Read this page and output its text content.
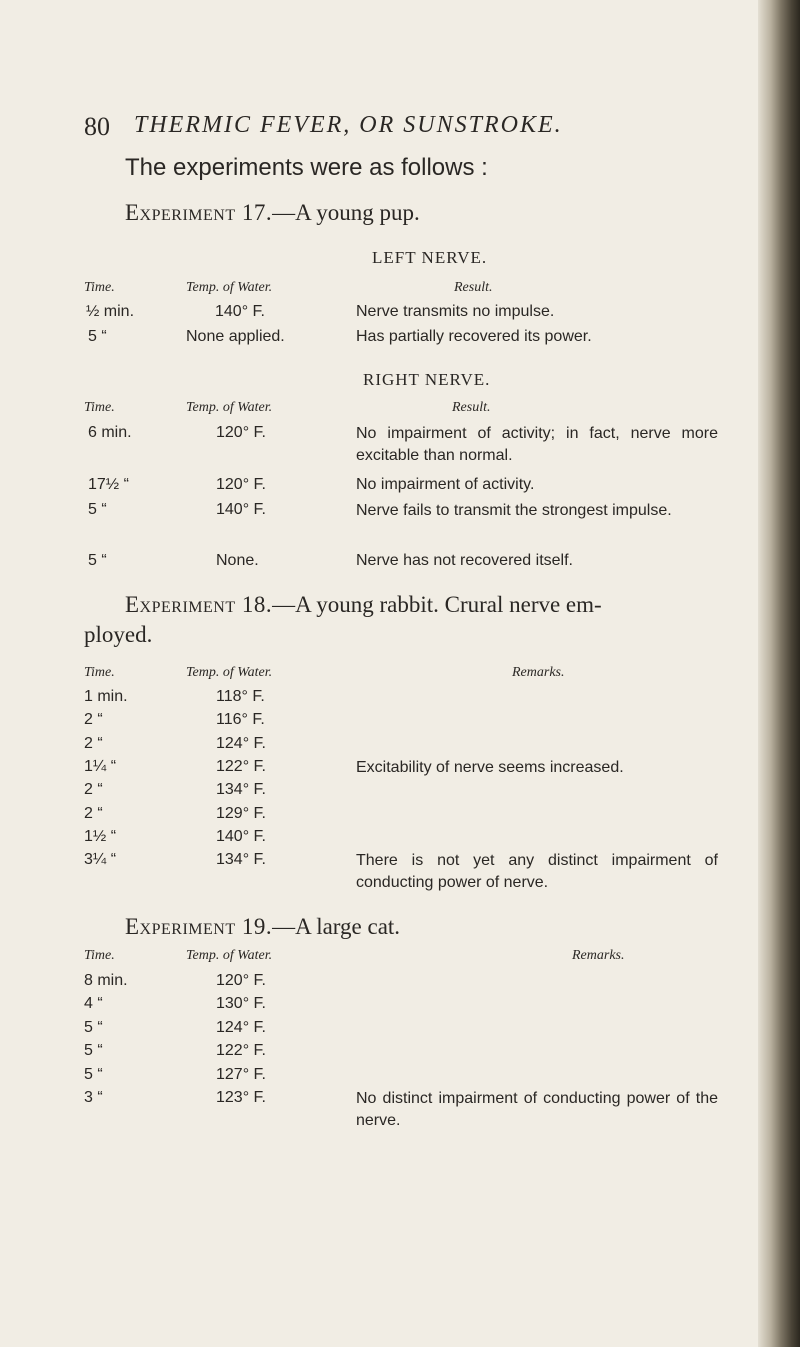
80 THERMIC FEVER, OR SUNSTROKE.
The experiments were as follows :
Experiment 17.—A young pup.
LEFT NERVE.
Time.	Temp. of Water.	Result.
½ min.	140° F.	Nerve transmits no impulse.
5 “	None applied.	Has partially recovered its power.
RIGHT NERVE.
Time.	Temp. of Water.	Result.
6 min.	120° F.	No impairment of activity; in fact, nerve more excitable than normal.
17½ “	120° F.	No impairment of activity.
5 “	140° F.	Nerve fails to transmit the strongest impulse.
5 “	None.	Nerve has not recovered itself.
Experiment 18.—A young rabbit. Crural nerve em-
ployed.
Time.	Temp. of Water.	Remarks.
1 min.	118° F.
2 “	116° F.
2 “	124° F.
1¼ “	122° F.	Excitability of nerve seems increased.
2 “	134° F.
2 “	129° F.
1½ “	140° F.
3¼ “	134° F.	There is not yet any distinct impairment of conducting power of nerve.
Experiment 19.—A large cat.
Time.	Temp. of Water.	Remarks.
8 min.	120° F.
4 “	130° F.
5 “	124° F.
5 “	122° F.
5 “	127° F.
3 “	123° F.	No distinct impairment of conducting power of the nerve.
